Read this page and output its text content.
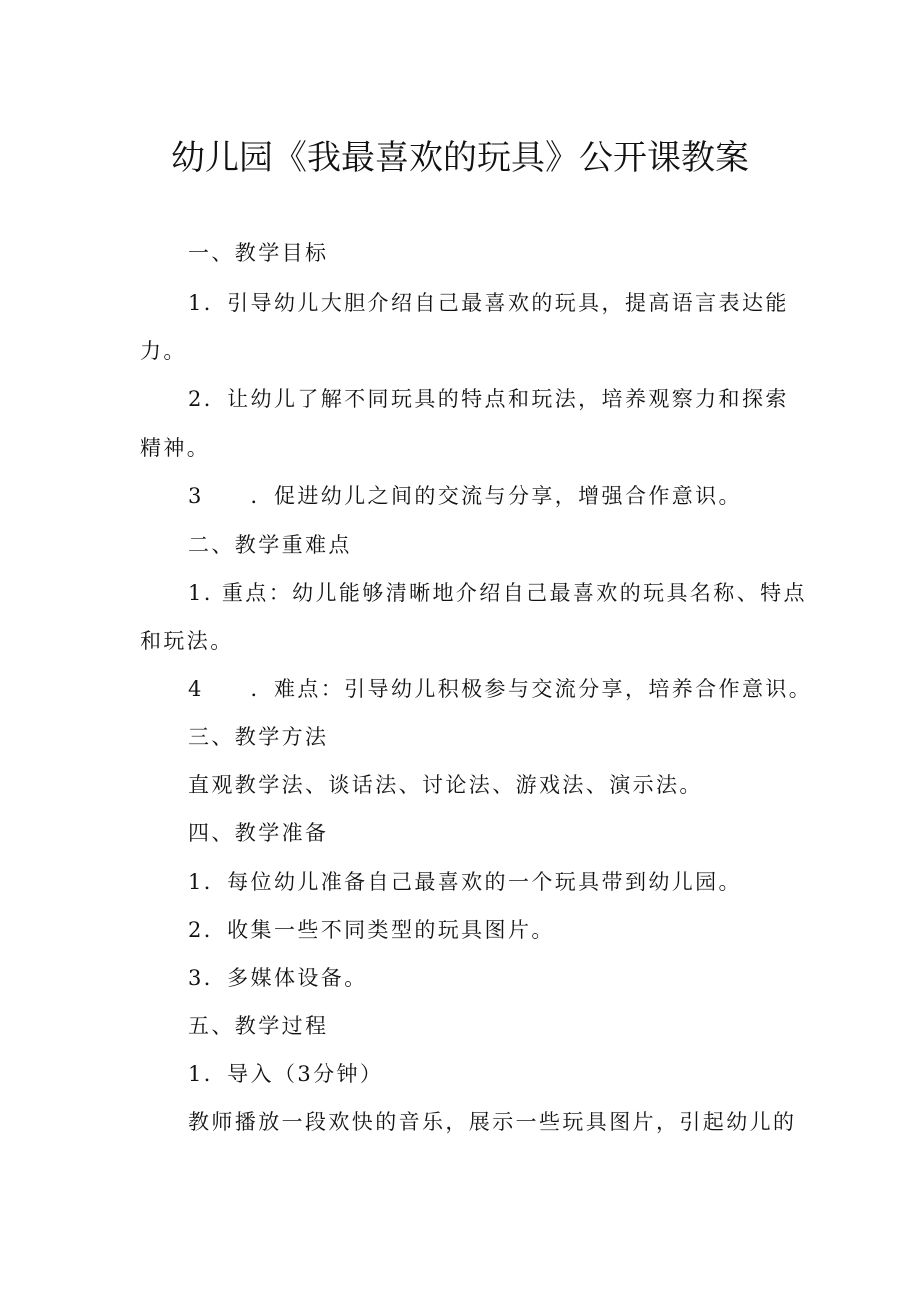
幼儿园《我最喜欢的玩具》公开课教案
一、教学目标
1．引导幼儿大胆介绍自己最喜欢的玩具，提高语言表达能
力。
2．让幼儿了解不同玩具的特点和玩法，培养观察力和探索
精神。
3　　．促进幼儿之间的交流与分享，增强合作意识。
二、教学重难点
1. 重点：幼儿能够清晰地介绍自己最喜欢的玩具名称、特点
和玩法。
4　　．难点：引导幼儿积极参与交流分享，培养合作意识。
三、教学方法
直观教学法、谈话法、讨论法、游戏法、演示法。
四、教学准备
1．每位幼儿准备自己最喜欢的一个玩具带到幼儿园。
2．收集一些不同类型的玩具图片。
3．多媒体设备。
五、教学过程
1．导入（3分钟）
教师播放一段欢快的音乐，展示一些玩具图片，引起幼儿的
